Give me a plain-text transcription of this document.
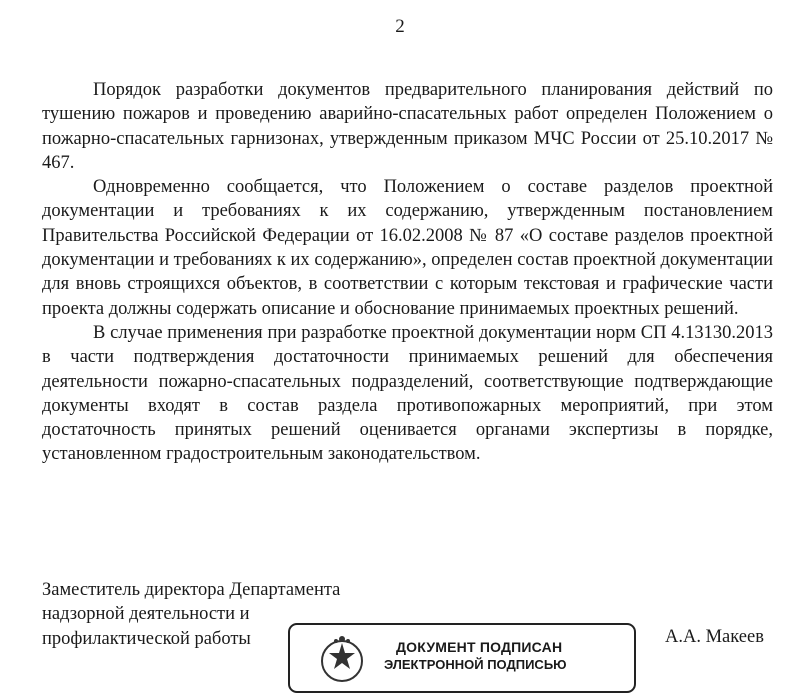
2

Порядок разработки документов предварительного планирования действий по тушению пожаров и проведению аварийно-спасательных работ определен Положением о пожарно-спасательных гарнизонах, утвержденным приказом МЧС России от 25.10.2017 № 467.

Одновременно сообщается, что Положением о составе разделов проектной документации и требованиях к их содержанию, утвержденным постановлением Правительства Российской Федерации от 16.02.2008 № 87 «О составе разделов проектной документации и требованиях к их содержанию», определен состав проектной документации для вновь строящихся объектов, в соответствии с которым текстовая и графические части проекта должны содержать описание и обоснование принимаемых проектных решений.

В случае применения при разработке проектной документации норм СП 4.13130.2013 в части подтверждения достаточности принимаемых решений для обеспечения деятельности пожарно-спасательных подразделений, соответствующие подтверждающие документы входят в состав раздела противопожарных мероприятий, при этом достаточность принятых решений оценивается органами экспертизы в порядке, установленном градостроительным законодательством.

Заместитель директора Департамента
надзорной деятельности и
профилактической работы	А.А. Макеев
ДОКУМЕНТ ПОДПИСАН
ЭЛЕКТРОННОЙ ПОДПИСЬЮ
